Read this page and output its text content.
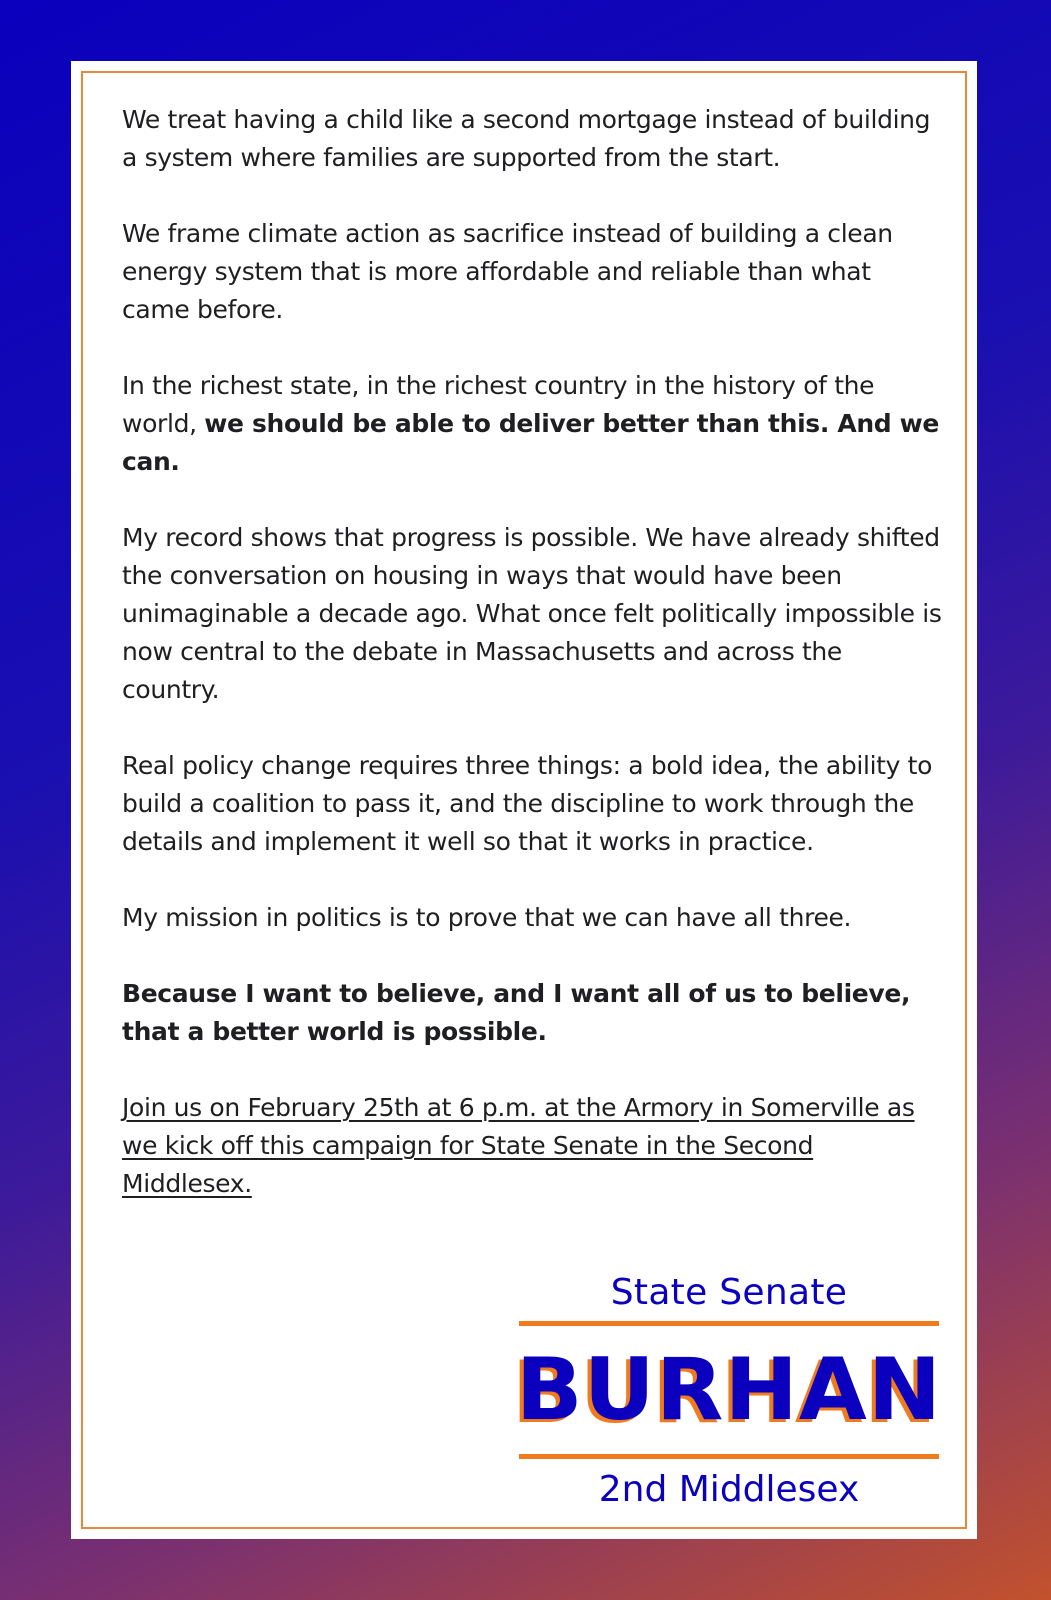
We treat having a child like a second mortgage instead of building a system where families are supported from the start.

We frame climate action as sacrifice instead of building a clean energy system that is more affordable and reliable than what came before.

In the richest state, in the richest country in the history of the world, we should be able to deliver better than this. And we can.

My record shows that progress is possible. We have already shifted the conversation on housing in ways that would have been unimaginable a decade ago. What once felt politically impossible is now central to the debate in Massachusetts and across the country.

Real policy change requires three things: a bold idea, the ability to build a coalition to pass it, and the discipline to work through the details and implement it well so that it works in practice.

My mission in politics is to prove that we can have all three.

Because I want to believe, and I want all of us to believe, that a better world is possible.

Join us on February 25th at 6 p.m. at the Armory in Somerville as we kick off this campaign for State Senate in the Second Middlesex.

State Senate
BURHAN
2nd Middlesex
